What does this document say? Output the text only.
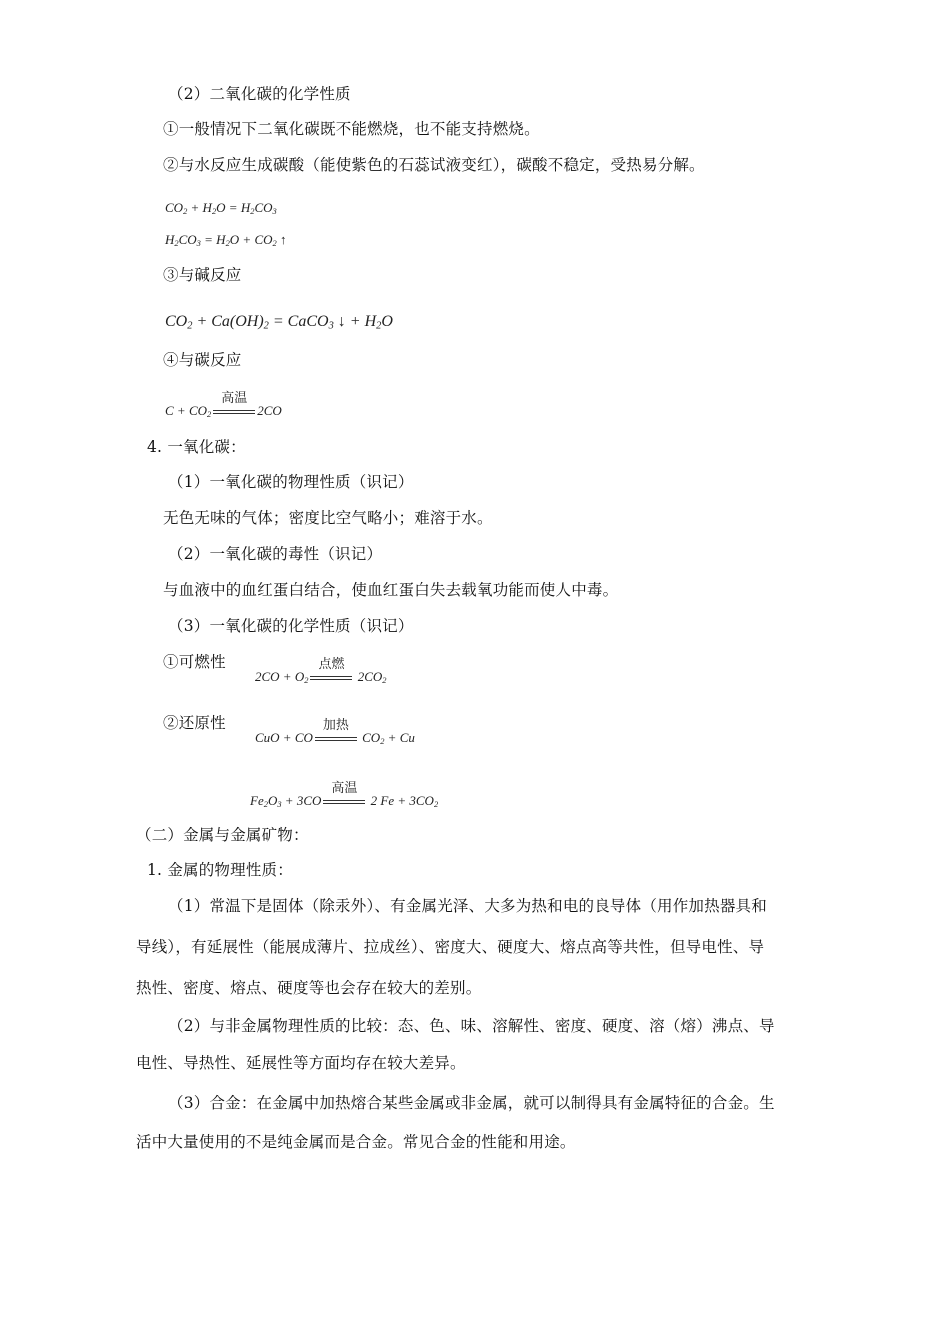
（2）二氧化碳的化学性质
①一般情况下二氧化碳既不能燃烧，也不能支持燃烧。
②与水反应生成碳酸（能使紫色的石蕊试液变红），碳酸不稳定，受热易分解。
$CO_2 + H_2O = H_2CO_3$
$H_2CO_3 = H_2O + CO_2$ ↑
③与碱反应
$CO_2 + Ca(OH)_2$ = CaCO$_3$ ↓ + $H_2O$
④与碳反应
$C + CO_2$
高温
2CO
4. 一氧化碳：
（1）一氧化碳的物理性质（识记）
无色无味的气体；密度比空气略小；难溶于水。
（2）一氧化碳的毒性（识记）
与血液中的血红蛋白结合，使血红蛋白失去载氧功能而使人中毒。
（3）一氧化碳的化学性质（识记）
①可燃性
$2CO + O_2$
点燃
$2CO_2$
②还原性
CuO + CO
加热
$CO_2 + Cu$
$Fe_2O_3 + 3CO$
高温
2 $Fe + 3CO_2$
（二）金属与金属矿物：
1. 金属的物理性质：
（1）常温下是固体（除汞外）、有金属光泽、大多为热和电的良导体（用作加热器具和
导线），有延展性（能展成薄片、拉成丝）、密度大、硬度大、熔点高等共性，但导电性、导
热性、密度、熔点、硬度等也会存在较大的差别。
（2）与非金属物理性质的比较：态、色、味、溶解性、密度、硬度、溶（熔）沸点、导
电性、导热性、延展性等方面均存在较大差异。
（3）合金：在金属中加热熔合某些金属或非金属，就可以制得具有金属特征的合金。生
活中大量使用的不是纯金属而是合金。常见合金的性能和用途。
